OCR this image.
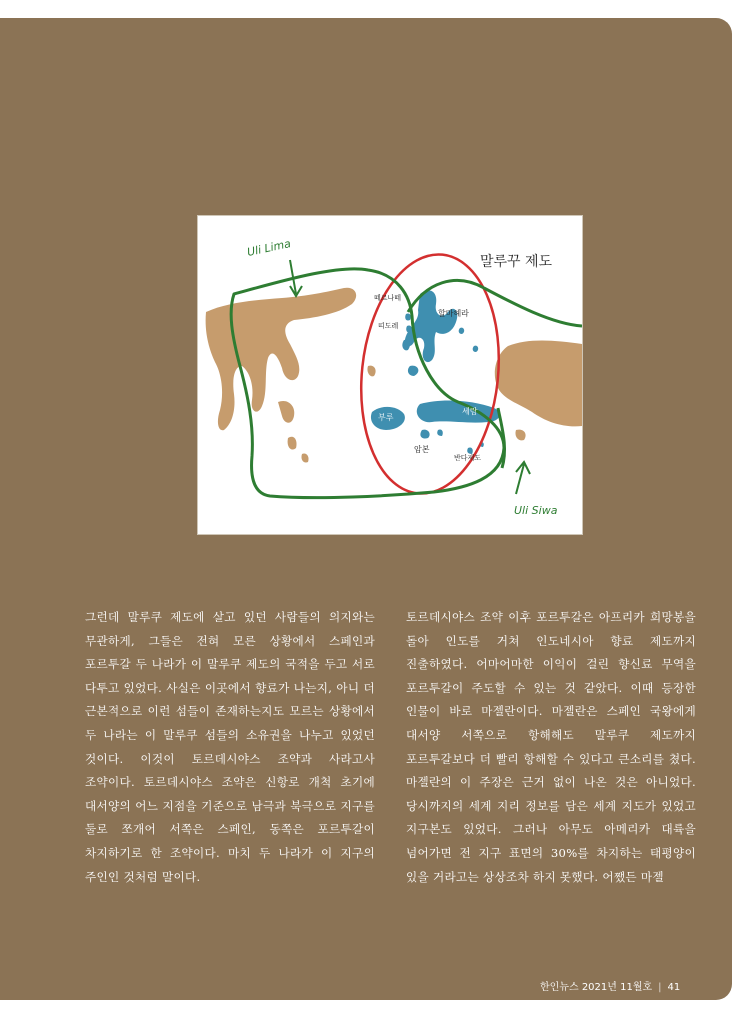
Uli Lima
Uli Siwa
말루꾸 제도
떼르나떼
띠도레
할마헤라
부루
세람
암본
반다제도
그런데 말루쿠 제도에 살고 있던 사람들의 의지와는 무관하게, 그들은 전혀 모른 상황에서 스페인과 포르투갈 두 나라가 이 말루쿠 제도의 국적을 두고 서로 다투고 있었다. 사실은 이곳에서 향료가 나는지, 아니 더 근본적으로 이런 섬들이 존재하는지도 모르는 상황에서 두 나라는 이 말루쿠 섬들의 소유권을 나누고 있었던 것이다. 이것이 토르데시야스 조약과 사라고사 조약이다. 토르데시야스 조약은 신항로 개척 초기에 대서양의 어느 지점을 기준으로 남극과 북극으로 지구를 둘로 쪼개어 서쪽은 스페인, 동쪽은 포르투갈이 차지하기로 한 조약이다. 마치 두 나라가 이 지구의 주인인 것처럼 말이다.
토르데시야스 조약 이후 포르투갈은 아프리카 희망봉을 돌아 인도를 거쳐 인도네시아 향료 제도까지 진출하였다. 어마어마한 이익이 걸린 향신료 무역을 포르투갈이 주도할 수 있는 것 같았다. 이때 등장한 인물이 바로 마젤란이다. 마젤란은 스페인 국왕에게 대서양 서쪽으로 항해해도 말루쿠 제도까지 포르투갈보다 더 빨리 항해할 수 있다고 큰소리를 쳤다. 마젤란의 이 주장은 근거 없이 나온 것은 아니었다. 당시까지의 세계 지리 정보를 담은 세계 지도가 있었고 지구본도 있었다. 그러나 아무도 아메리카 대륙을 넘어가면 전 지구 표면의 30%를 차지하는 태평양이 있을 거라고는 상상조차 하지 못했다. 어쨌든 마젤
한인뉴스 2021년 11월호 | 41
